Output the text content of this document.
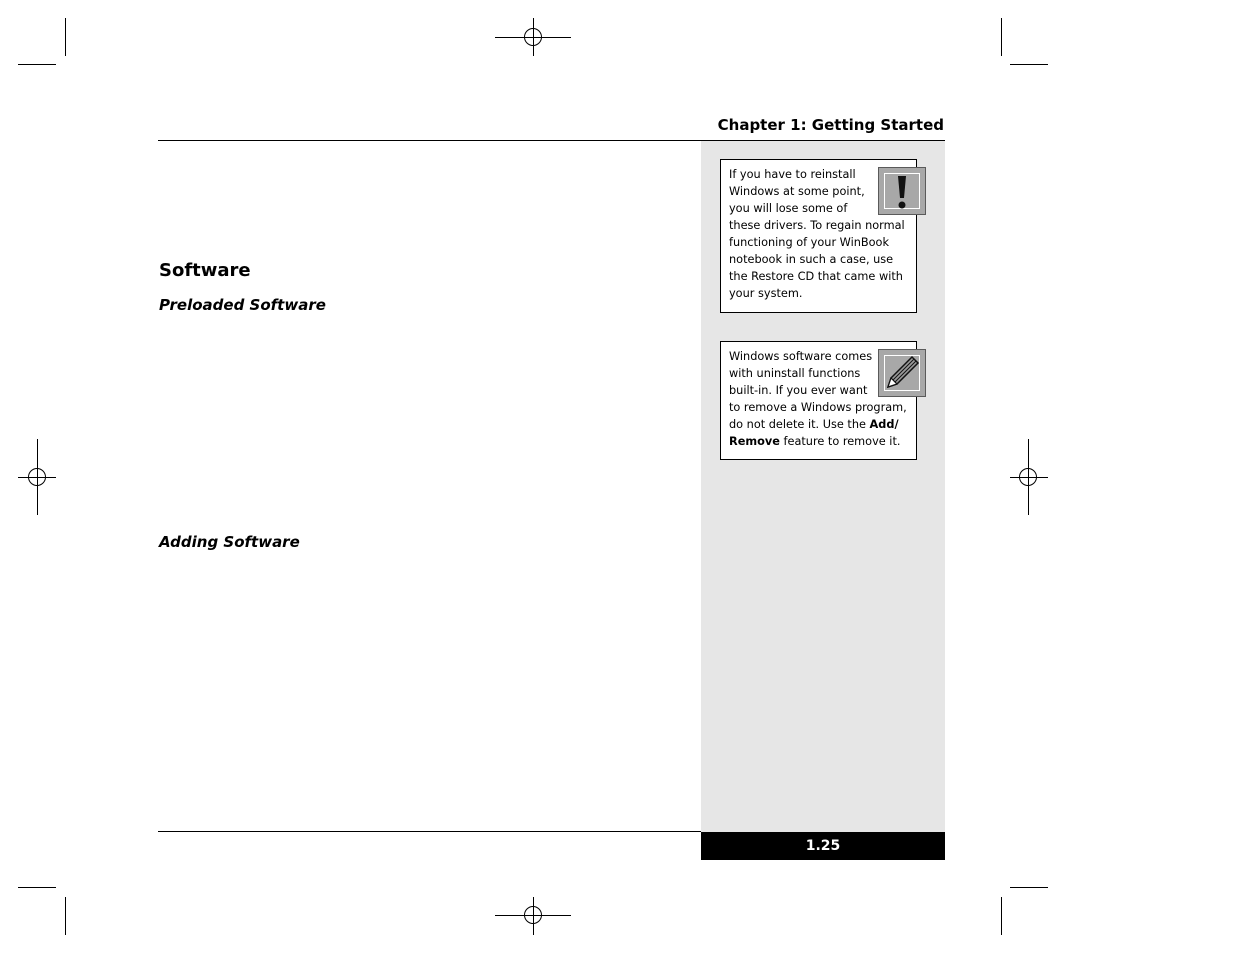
Chapter 1: Getting Started
Software
Preloaded Software
Adding Software

If you have to reinstall Windows at some point, you will lose some of these drivers. To regain normal functioning of your WinBook notebook in such a case, use the Restore CD that came with your system.

Windows software comes with uninstall functions built-in. If you ever want to remove a Windows program, do not delete it. Use the Add/ Remove feature to remove it.

1.25
